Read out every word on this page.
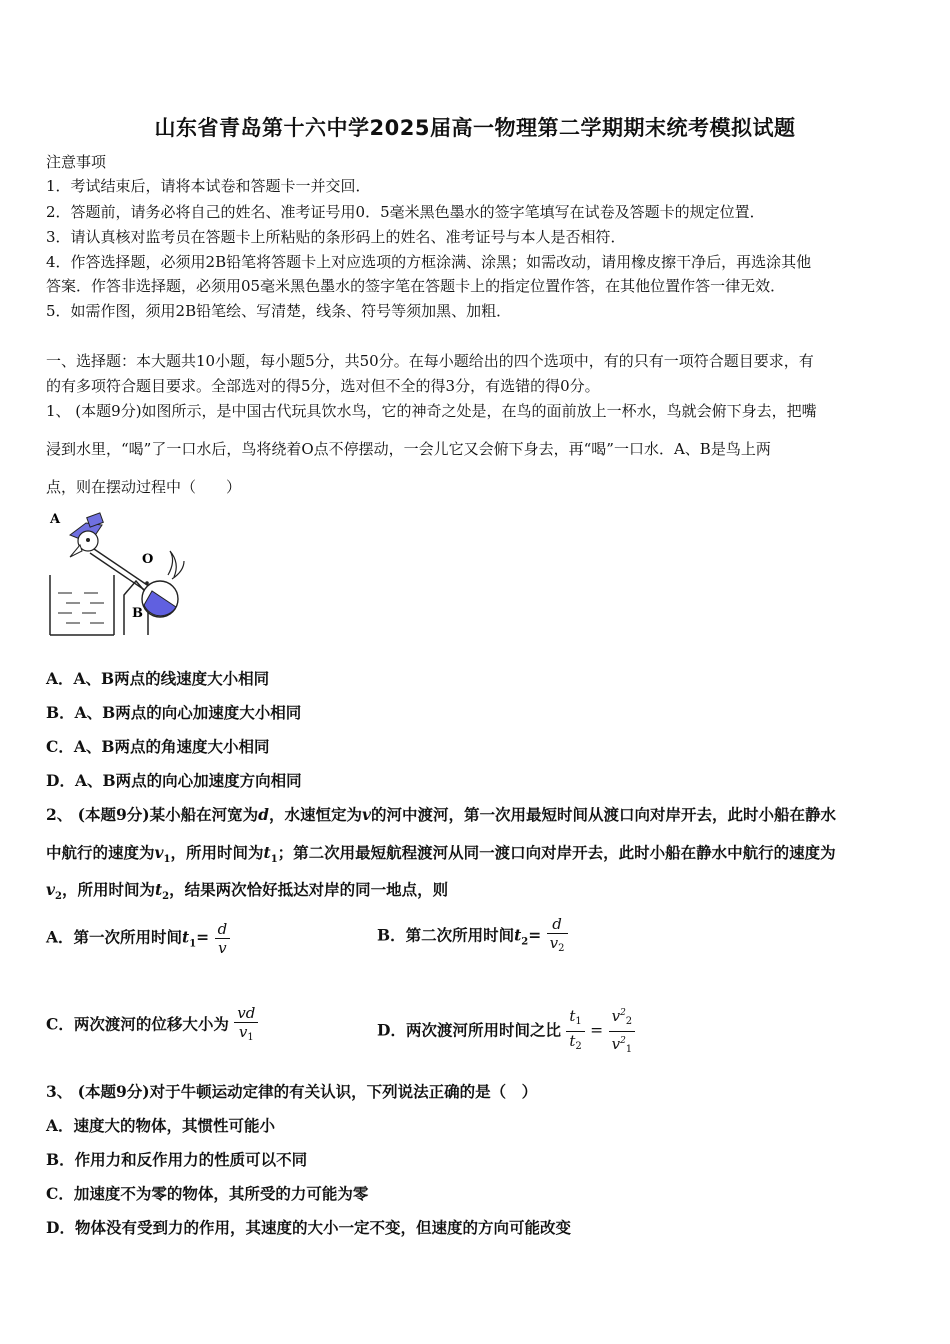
山东省青岛第十六中学2025届高一物理第二学期期末统考模拟试题
注意事项
1．考试结束后，请将本试卷和答题卡一并交回．
2．答题前，请务必将自己的姓名、准考证号用0．5毫米黑色墨水的签字笔填写在试卷及答题卡的规定位置．
3．请认真核对监考员在答题卡上所粘贴的条形码上的姓名、准考证号与本人是否相符．
4．作答选择题，必须用2B铅笔将答题卡上对应选项的方框涂满、涂黑；如需改动，请用橡皮擦干净后，再选涂其他
答案．作答非选择题，必须用05毫米黑色墨水的签字笔在答题卡上的指定位置作答，在其他位置作答一律无效．
5．如需作图，须用2B铅笔绘、写清楚，线条、符号等须加黑、加粗．
一、选择题：本大题共10小题，每小题5分，共50分。在每小题给出的四个选项中，有的只有一项符合题目要求，有
的有多项符合题目要求。全部选对的得5分，选对但不全的得3分，有选错的得0分。
1、 (本题9分)如图所示，是中国古代玩具饮水鸟，它的神奇之处是，在鸟的面前放上一杯水，鸟就会俯下身去，把嘴
浸到水里，“喝”了一口水后，鸟将绕着O点不停摆动，一会儿它又会俯下身去，再“喝”一口水．A、B是鸟上两
点，则在摆动过程中（　　）
A
O
B
A．A、B两点的线速度大小相同
B．A、B两点的向心加速度大小相同
C．A、B两点的角速度大小相同
D．A、B两点的向心加速度方向相同
2、 (本题9分)某小船在河宽为d，水速恒定为v的河中渡河，第一次用最短时间从渡口向对岸开去，此时小船在静水
中航行的速度为$v_1$，所用时间为$t_1$；第二次用最短航程渡河从同一渡口向对岸开去，此时小船在静水中航行的速度为
$v_2$，所用时间为$t_2$，结果两次恰好抵达对岸的同一地点，则
A．第一次所用时间$t_1= \frac{d}{v}$	B．第二次所用时间$t_2= \frac{d}{v_2}$
C．两次渡河的位移大小为 $\frac{vd}{v_1}$	D．两次渡河所用时间之比 $\frac{t_1}{t_2} = \frac{v^2_2}{v^2_1}$
3、 (本题9分)对于牛顿运动定律的有关认识，下列说法正确的是（　）
A．速度大的物体，其惯性可能小
B．作用力和反作用力的性质可以不同
C．加速度不为零的物体，其所受的力可能为零
D．物体没有受到力的作用，其速度的大小一定不变，但速度的方向可能改变
